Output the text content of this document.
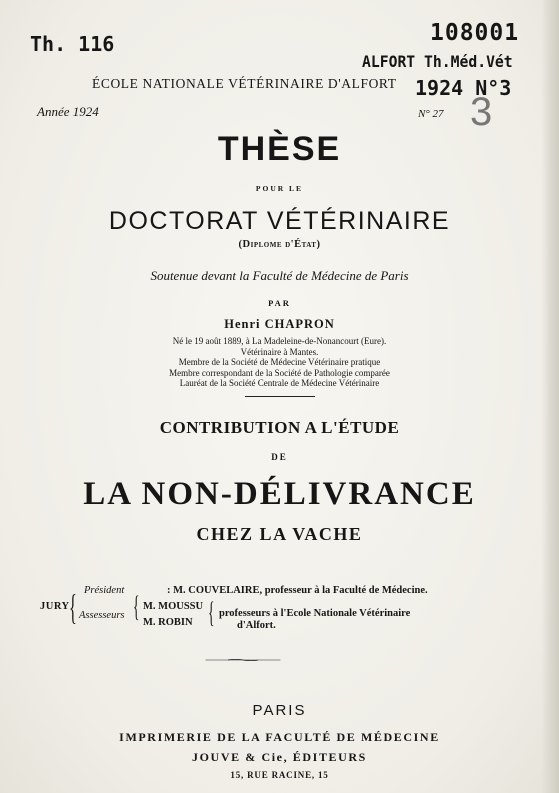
Th. 116	108001
ALFORT Th.Méd.Vét
ÉCOLE NATIONALE VÉTÉRINAIRE D'ALFORT 1924 N°3
Année 1924	N° 27 3
THÈSE
POUR LE
DOCTORAT VÉTÉRINAIRE
(Diplome d'État)
Soutenue devant la Faculté de Médecine de Paris
PAR
Henri CHAPRON
Né le 19 août 1889, à La Madeleine-de-Nonancourt (Eure).
Vétérinaire à Mantes.
Membre de la Société de Médecine Vétérinaire pratique
Membre correspondant de la Société de Pathologie comparée
Lauréat de la Société Centrale de Médecine Vétérinaire
CONTRIBUTION A L'ÉTUDE
DE
LA NON-DÉLIVRANCE
CHEZ LA VACHE
JURY { Président
Assesseurs
: M. COUVELAIRE, professeur à la Faculté de Médecine.
{ M. MOUSSU
M. ROBIN { professeurs à l'Ecole Nationale Vétérinaire
d'Alfort.
PARIS
IMPRIMERIE DE LA FACULTÉ DE MÉDECINE
JOUVE & Cie, ÉDITEURS
15, RUE RACINE, 15
